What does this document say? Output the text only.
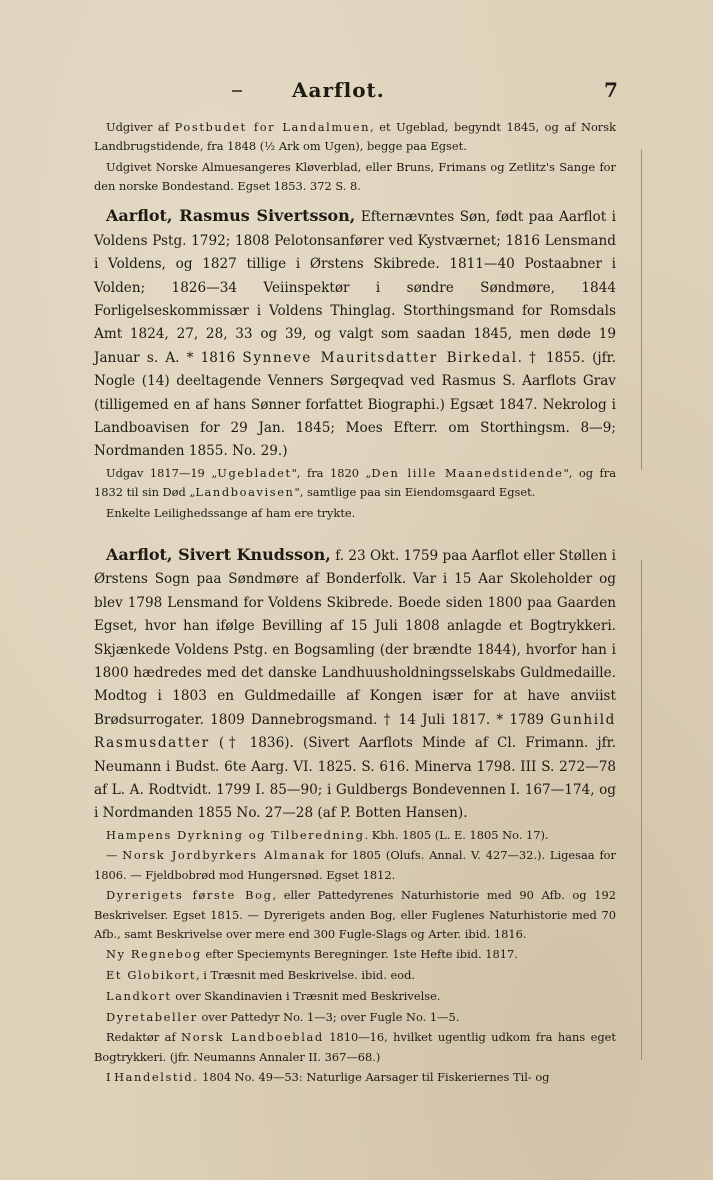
Aarflot.	7

Udgiver af Postbudet for Landalmuen, et Ugeblad, begyndt 1845, og af Norsk Landbrugstidende, fra 1848 (½ Ark om Ugen), begge paa Egset.

Udgivet Norske Almuesangeres Kløverblad, eller Bruns, Frimans og Zetlitz's Sange for den norske Bondestand. Egset 1853. 372 S. 8.

Aarflot, Rasmus Sivertsson, Efternævntes Søn, født paa Aarflot i Voldens Pstg. 1792; 1808 Pelotonsanfører ved Kystværnet; 1816 Lensmand i Voldens, og 1827 tillige i Ørstens Skibrede. 1811—40 Postaabner i Volden; 1826—34 Veiinspektør i søndre Søndmøre, 1844 Forligelseskommissær i Voldens Thinglag. Storthingsmand for Romsdals Amt 1824, 27, 28, 33 og 39, og valgt som saadan 1845, men døde 19 Januar s. A. * 1816 Synneve Mauritsdatter Birkedal. † 1855. (jfr. Nogle (14) deeltagende Venners Sørgeqvad ved Rasmus S. Aarflots Grav (tilligemed en af hans Sønner forfattet Biographi.) Egsæt 1847. Nekrolog i Landboavisen for 29 Jan. 1845; Moes Efterr. om Storthingsm. 8—9; Nordmanden 1855. No. 29.)

Udgav 1817—19 „Ugebladet", fra 1820 „Den lille Maanedstidende", og fra 1832 til sin Død „Landboavisen", samtlige paa sin Eiendomsgaard Egset.

Enkelte Leilighedssange af ham ere trykte.

Aarflot, Sivert Knudsson, f. 23 Okt. 1759 paa Aarflot eller Støllen i Ørstens Sogn paa Søndmøre af Bonderfolk. Var i 15 Aar Skoleholder og blev 1798 Lensmand for Voldens Skibrede. Boede siden 1800 paa Gaarden Egset, hvor han ifølge Bevilling af 15 Juli 1808 anlagde et Bogtrykkeri. Skjænkede Voldens Pstg. en Bogsamling (der brændte 1844), hvorfor han i 1800 hædredes med det danske Landhuusholdningsselskabs Guldmedaille. Modtog i 1803 en Guldmedaille af Kongen især for at have anviist Brødsurrogater. 1809 Dannebrogsmand. † 14 Juli 1817. * 1789 Gunhild Rasmusdatter († 1836). (Sivert Aarflots Minde af Cl. Frimann. jfr. Neumann i Budst. 6te Aarg. VI. 1825. S. 616. Minerva 1798. III S. 272—78 af L. A. Rodtvidt. 1799 I. 85—90; i Guldbergs Bondevennen I. 167—174, og i Nordmanden 1855 No. 27—28 (af P. Botten Hansen).

Hampens Dyrkning og Tilberedning. Kbh. 1805 (L. E. 1805 No. 17).

— Norsk Jordbyrkers Almanak for 1805 (Olufs. Annal. V. 427—32.). Ligesaa for 1806. — Fjeldbobrød mod Hungersnød. Egset 1812.

Dyrerigets første Bog, eller Pattedyrenes Naturhistorie med 90 Afb. og 192 Beskrivelser. Egset 1815. — Dyrerigets anden Bog, eller Fuglenes Naturhistorie med 70 Afb., samt Beskrivelse over mere end 300 Fugle-Slags og Arter. ibid. 1816.

Ny Regnebog efter Speciemynts Beregninger. 1ste Hefte ibid. 1817.

Et Globikort, i Træsnit med Beskrivelse. ibid. eod.

Landkort over Skandinavien i Træsnit med Beskrivelse.

Dyretabeller over Pattedyr No. 1—3; over Fugle No. 1—5.

Redaktør af Norsk Landboeblad 1810—16, hvilket ugentlig udkom fra hans eget Bogtrykkeri. (jfr. Neumanns Annaler II. 367—68.)

I Handelstid. 1804 No. 49—53: Naturlige Aarsager til Fiskeriernes Til- og
